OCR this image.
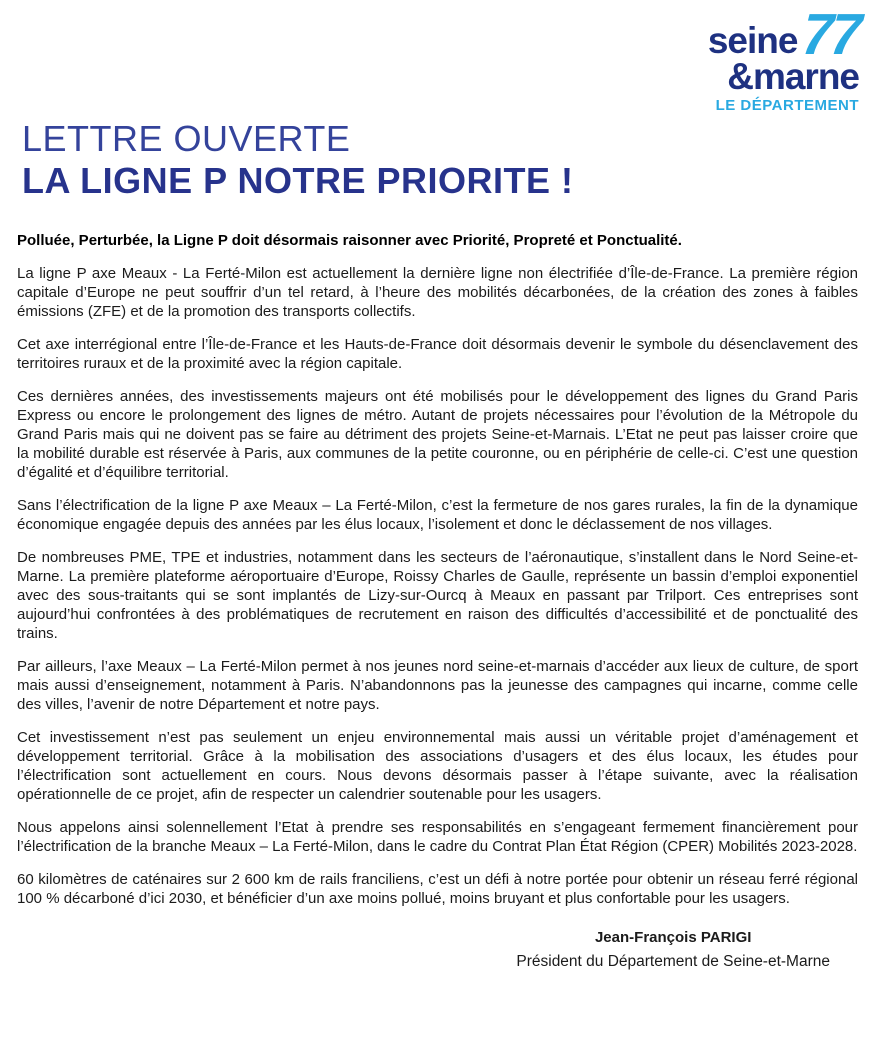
seine
77
&marne
LE DÉPARTEMENT
LETTRE OUVERTE
LA LIGNE P NOTRE PRIORITE !

Polluée, Perturbée, la Ligne P doit désormais raisonner avec Priorité, Propreté et Ponctualité.

La ligne P axe Meaux - La Ferté-Milon est actuellement la dernière ligne non électrifiée d’Île-de-France. La première région capitale d’Europe ne peut souffrir d’un tel retard, à l’heure des mobilités décarbonées, de la création des zones à faibles émissions (ZFE) et de la promotion des transports collectifs.

Cet axe interrégional entre l’Île-de-France et les Hauts-de-France doit désormais devenir le symbole du désenclavement des territoires ruraux et de la proximité avec la région capitale.

Ces dernières années, des investissements majeurs ont été mobilisés pour le développement des lignes du Grand Paris Express ou encore le prolongement des lignes de métro. Autant de projets nécessaires pour l’évolution de la Métropole du Grand Paris mais qui ne doivent pas se faire au détriment des projets Seine-et-Marnais. L’Etat ne peut pas laisser croire que la mobilité durable est réservée à Paris, aux communes de la petite couronne, ou en périphérie de celle-ci. C’est une question d’égalité et d’équilibre territorial.

Sans l’électrification de la ligne P axe Meaux – La Ferté-Milon, c’est la fermeture de nos gares rurales, la fin de la dynamique économique engagée depuis des années par les élus locaux, l’isolement et donc le déclassement de nos villages.

De nombreuses PME, TPE et industries, notamment dans les secteurs de l’aéronautique, s’installent dans le Nord Seine-et-Marne. La première plateforme aéroportuaire d’Europe, Roissy Charles de Gaulle, représente un bassin d’emploi exponentiel avec des sous-traitants qui se sont implantés de Lizy-sur-Ourcq à Meaux en passant par Trilport. Ces entreprises sont aujourd’hui confrontées à des problématiques de recrutement en raison des difficultés d’accessibilité et de ponctualité des trains.

Par ailleurs, l’axe Meaux – La Ferté-Milon permet à nos jeunes nord seine-et-marnais d’accéder aux lieux de culture, de sport mais aussi d’enseignement, notamment à Paris. N’abandonnons pas la jeunesse des campagnes qui incarne, comme celle des villes, l’avenir de notre Département et notre pays.

Cet investissement n’est pas seulement un enjeu environnemental mais aussi un véritable projet d’aménagement et développement territorial. Grâce à la mobilisation des associations d’usagers et des élus locaux, les études pour l’électrification sont actuellement en cours. Nous devons désormais passer à l’étape suivante, avec la réalisation opérationnelle de ce projet, afin de respecter un calendrier soutenable pour les usagers.

Nous appelons ainsi solennellement l’Etat à prendre ses responsabilités en s’engageant fermement financièrement pour l’électrification de la branche Meaux – La Ferté-Milon, dans le cadre du Contrat Plan État Région (CPER) Mobilités 2023-2028.

60 kilomètres de caténaires sur 2 600 km de rails franciliens, c’est un défi à notre portée pour obtenir un réseau ferré régional 100 % décarboné d’ici 2030, et bénéficier d’un axe moins pollué, moins bruyant et plus confortable pour les usagers.

Jean-François PARIGI
Président du Département de Seine-et-Marne
